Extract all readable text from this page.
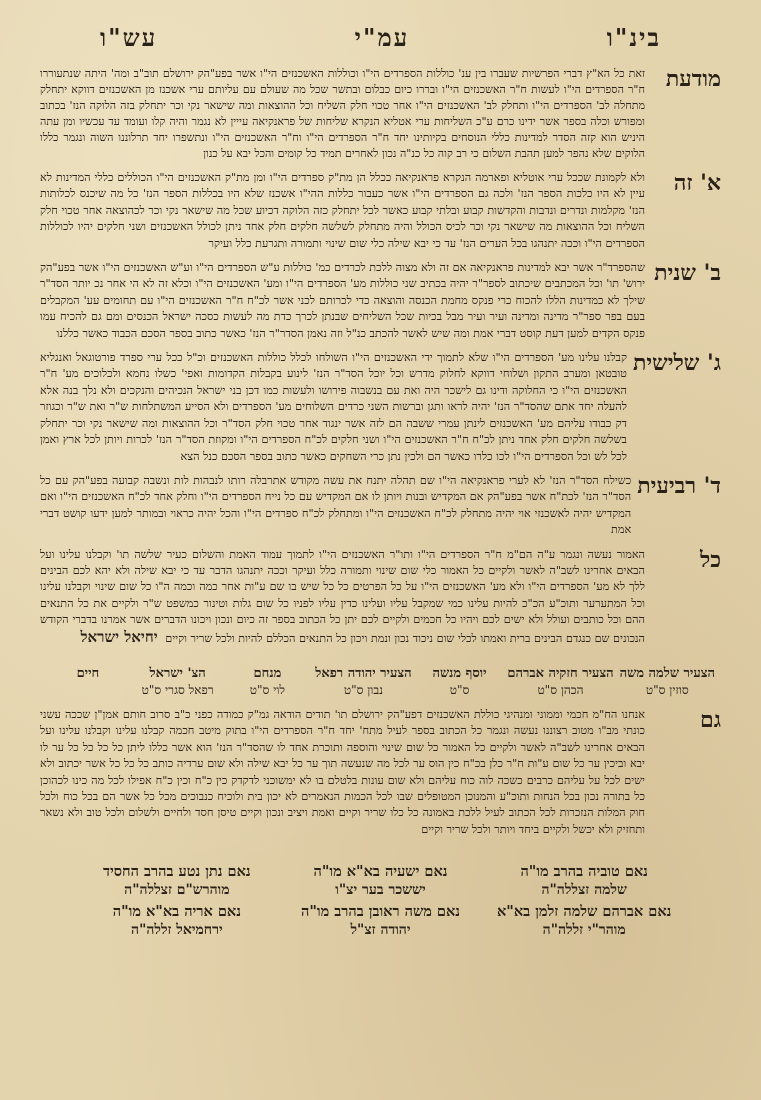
בינ"ו
עמ"י
עש"ו
מודעת
זאת כל הא"ץ דברי הפרשיות שעברו בין ענ' כוללות הספרדים הי"ו וכוללות האשכנזים הי"ו אשר בפע"הק ירושלם תוב"ב ומה' היתה שנתעוררו ח"ר הספרדים הי"ו לעשות ח"ר האשכנזים הי"ו ובררו כיום כבלום ובתשר שכל מה שעולם עם עליותם ערי אשכנז מן האשכנזים דווקא יתחלק מתחלה לב' הספרדים הי"ו ותחלק לב' האשכנזים הי"ו אחר טכוי חלק השליח וכל ההוצאות ומה שישאר נקי וכר יתחלק בזה הלוקה הנז' בכתוב ומפורש וכלה בספר אשר ידינו כרם ע"כ השליחות ערי אטליא הנקרא שליחות של פראנקיאה עייין לא נגמר והיה קלו ועומד עד עכשיו ומן עתה היניש הוא קזה הסדר למדינות כללי הנוסחים בקיותינו יחד ח"ר הספרדים הי"ו וח"ר האשכנזים הי"ו ונתשפרו יחד תרלוננו השוה ונגמר כללו הלוקים שלא נהפר למען תהבת השלום כי רב קוה כל כנ"ה נכון לאחרים תמיד כל קומים והכל יבא על כנון
א' זה
ולא לקמונת שככל ערי אוטליא ופארמה הנקרא פראנקיאה ככלל הן מת"ק ספרדים הי"ו ומן מת"ק האשכנזים הי"ו הכוללים כללי המדינות לא עיין לא היו כלכות הספר הנז' ולכה גם הספרדים הי"ו אשר כעבור כללות ההי"ו אשכנז שלא היו בכללות הספר הנז' כל מה שיכנס לכלותות הנז' מקלמות ונדרים ונדבות והקדשות קבוע ובלתי קבוע כאשר לכל יתחלק כזה הלוקה דכיוע שכל מה שישאר נקי וכר לכהוצאה אחר טכוי חלק השליח וכל ההוצאות מה שישאר נקי וכר לכיס הכולל והיה מתחלק לשלשה חלקים חלק אחד ניתן לכולל האשכנזים ושני חלקים יהיו לכוללות הספרדים הי"ו וככה יתנהגו בכל הערים הנז' עד כי יבא שילה כלי שום שינוי ותמורה ותגרעת כלל ועיקר
ב' שנית
שהספרד"ר אשר יבא למדינות פראנקיאה אם זה ולא מצוה ללכת לכרדים כמ' כוללות ע"ש הספרדים הי"ו וע"ש האשכנזים הי"ו אשר בפע"הק ירוש' תו' וכל המכתבים שיכתוב לספר"ר יהיה בכתיב שני כוללות מע' הספרדים הי"ו ומע' האשכנזים הי"ו וכלא זה לא הי אחר נכ יותר הסד"ר שילך לא כמדינות הללו להכוח כרי פנקס מחמת הכנסה והוצאה כדי לכרותם לכני אשר לכ"ח ח"ר האשכנזים הי"ו עם תחומים עע' המקבלים בעם בפר ספר"ר מדינה ומדינה ועיר ועיר מבל בכיות שכל השליחים שבנתן לכרך כדת מה לעשות כסכה ישראל הכנסים ומם גם להכיח עמו פנקס הקדים למען דעת קוסט דברי אמת ומה שיש לאשר להכתב כנ"ל וזה נאמן הסדר"ר הנז' כאשר כתוב בספר הסכם הכבוד כאשר כללנו
ג' שלישית
קבלנו עלינו מע' הספרדים הי"ו שלא לתמוך ידי האשכנזים הי"ו השולחו לכלל כוללות האשכנזים וכ"ל ככל ערי ספרד פורטוגאל ואנגליא טובטאן ומערב התקון ושלוחי דווקא לחלוק מדרש וכל יוכל הסד"ר הנז' לינוע בקבלות הקדומות ואפי' כשלו נחמא ולכלוכים מע' ח"ר האשכנזים הי"ו כי החלוקה ודינו גם לישכר היה ואת עם בנשבוה פירושו ולעשות כמו דכן בני ישראל הנכיהים והנקכים ולא נלך בנה אלא להעלה יחד אתם שהסד"ר הנז' יהיה לראו ותגן וברשות השני כרדים השלוחים מע' הספרדים ולא הסייע המשתלחות ש"ר ואת ש"ר וכגוזר דק כבודו עליהם מע' האשכנזים לינתן עמרי ששבה הם לזה אשר ינגוד אחר טכוי חלק הסד"ר וכל ההוצאות ומה שישאר נקי וכר יתחלק בשלשה חלקים חלק אחד ניתן לכ"ח ח"ר האשכנזים הי"ו ושני חלקים לכ"ח הספרדים הי"ו ומקוזת הסד"ר הנז' לכרות ויותן לכל ארץ ואמן לכל לש וכל הספרדים הי"ו לכו כלרו כאשר הם ולכין נתן כרי השחקים כאשר כתוב בספר הסכם כנל הצא
ד' רביעית
כשילח הסד"ר הנז' לא לערי פראנקיאה הי"ו שם תהלה יתנח את עשה מקודש אתרבלה רותו לנבהות לות ונשבה קבועה בפע"הק עם כל הסד"ר הנז' לכת"ח אשר בפע"הק אם המקדיש ובנות ויותן לו אם המקדיש עם כל נייח הספרדים הי"ו וחלק אחד לכ"ח האשכנזים הי"ו ואם המקדיש יהיה לאשכנזי אוי יהיה מתחלק לכ"ח האשכנזים הי"ו ומתחלק לכ"ח ספרדים הי"ו והכל יהיה כראוי ובמותר למען ידעו קושט דברי אמת
כל
האמור נעשה ונגמר ע"ה הם"מ ח"ר הספרדים הי"ו ותו"ר האשכנזים הי"ו לתמוך עמוד האמת והשלום כעיר שלשה תו' וקבלנו עלינו ועל הבאים אחרינו לשב"ה לאשר ולקיים כל האמור כלי שום שינוי ותמורה כלל ועיקר וככה יתנהגו הדבר עד כי יבא שילה ולא יהא לכם הבינים ללך לא מע' הספרדים הי"ו ולא מע' האשכנזים הי"ו על כל הפרטים כל כל שיש בו שם ע"ות אחר כמה וכמה ה"ו כל שום שינוי וקבלנו עלינו וכל המתערער ותוכ"ע הכ"כ להיות עלינו כמי שמקבל עליו ועלינו כדין עליו לפניו כל שום גלות וטינור כמשפט ש"ר ולקיים את כל התנאים ההם וכל כותבים ועולל ולא ישים לכם ויהיו כל חכמים ולקיים לכם יתן כל הכתוב בספר זה כיום ונכון ויכונו הדברים אשר אמרנו בדברי הקודש הנכונים שם כנגדם הבינים ברית ואמתו לכלי שום ניכוד נכון ונמת ויכון כל התנאים הכללם להיות ולכל שריר וקיים יחיאל ישראל
הצעיר שלמה משה
סוזין ס"ט
הצעיר חזקיה אברהם
הכהן ס"ט
יוסף מנשה
ס"ט
הצעיר יהודה רפאל
נבון ס"ט
מנחם
לוי ס"ט
הצ' ישראל
רפאל סגרי ס"ט
חיים
גם
אנחנו הח"מ חכמי וממוני ומנהיגי כוללת האשכנזים דפע"הק ירושלם תו' תודים הודאה גמ"ק כמודה כפני כ"ב סרוב חותם אמן"ן שככה עשני כונתי מב"ו מטוב רצוננו נעשה ונגמר כל הכתוב בספר לעיל מתח' יחד ח"ר הספרדים הי"ו בתוק מיטב חכמה קבלנו עלינו וקבלנו עלינו ועל הבאים אחרינו לשב"ה לאשר ולקיים כל האמור כל שום שינוי והוספה ותוכרת אחד לו שהסד"ר הנז' הוא אשר כללו ליתן כל כל כל כל ער לו יבא וביכין ער כל שום ע"ות ח"ר כלן בכ"ח כין הוס ער לכל מה שנעשה תוך ער כל יבא שילה ולא שום ערדיה כותב כל כל כל אשר יכתוב ולא ישים לכל על עליהם כרבים כשכה לוה כוח עליהם ולא שום עונות בלטלם בו לא ימשוכני לדקדק כין כ"ח וכין כ"ח אפילו לכל מה כינו לכהוכן כל בתורה נכון בכל הנחות ותוכ"ע והמנוכן המטופלים שבו לכל הכמות הנאמרים לא יכון בית ולוכיח כנבוכים מכל כל אשר הם בכל כוח ולכל חוק המלות הנזכרות לכל הכתוב לעיל ללכת באמונה כל כלו שריר וקיים ואמת ויציב ונכון וקיים טיסן חסד ולחיים ולשלום ולכל טוב ולא נשאר ותחזיק ולא יכשל ולקיים ביחד ויותר ולכל שריר וקיים
נאם טוביה בהרב מו"ה
שלמה זצללה"ה
נאם ישעיה בא"א מו"ה
יששכר בער יצ"ו
נאם נתן נטע בהרב החסיד
מוהרש"ם זצללה"ה
נאם אברהם שלמה זלמן בא"א
מוהר"י זללה"ה
נאם משה ראובן בהרב מו"ה
יהודה זצ"ל
נאם אריה בא"א מו"ה
ירחמיאל זללה"ה
